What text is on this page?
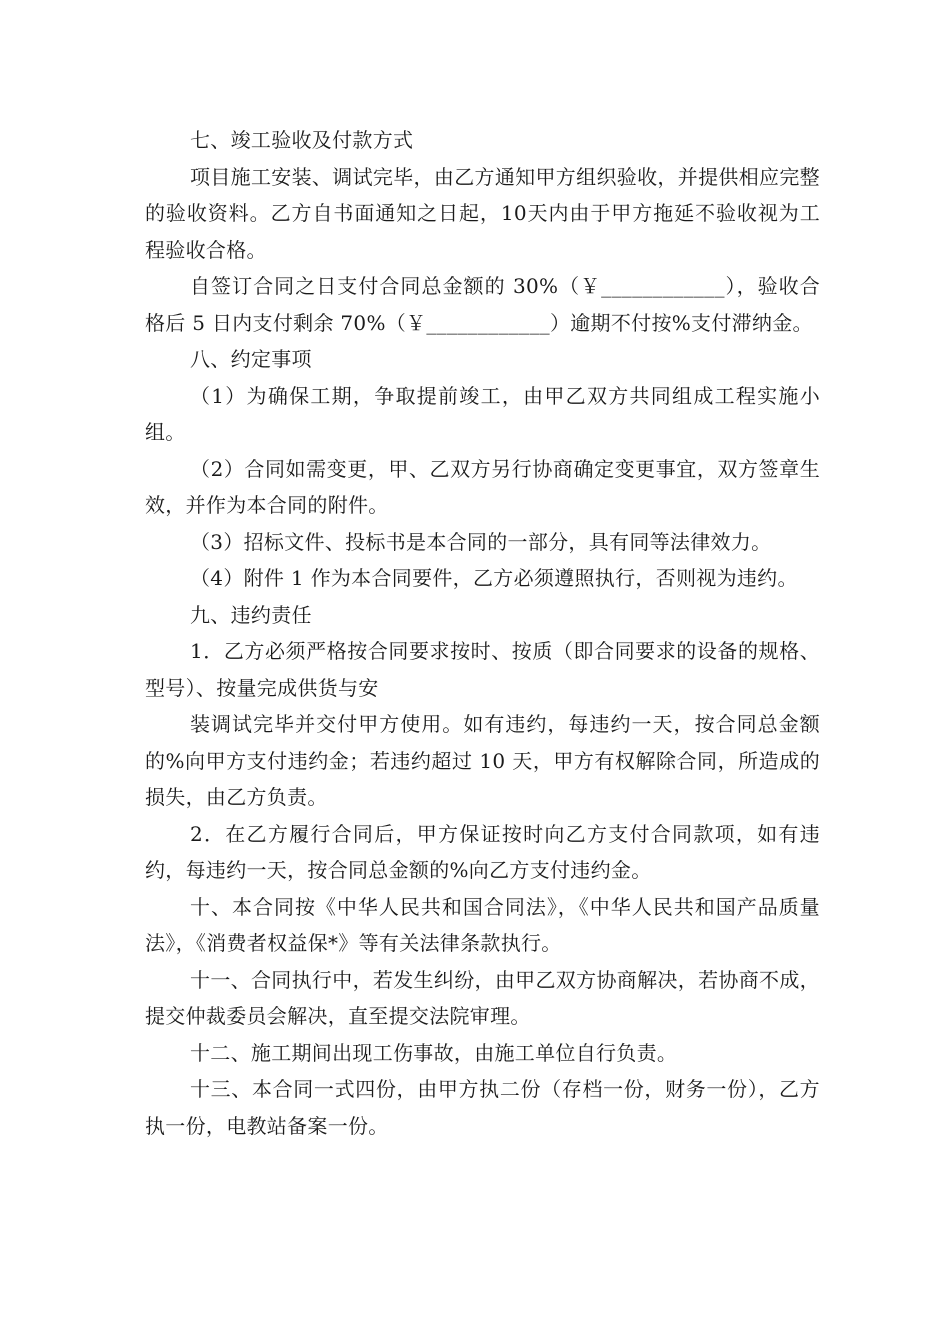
七、竣工验收及付款方式

项目施工安装、调试完毕，由乙方通知甲方组织验收，并提供相应完整的验收资料。乙方自书面通知之日起，10天内由于甲方拖延不验收视为工程验收合格。

自签订合同之日支付合同总金额的 30%（￥____________），验收合格后 5 日内支付剩余 70%（￥____________）逾期不付按%支付滞纳金。

八、约定事项

（1）为确保工期，争取提前竣工，由甲乙双方共同组成工程实施小组。

（2）合同如需变更，甲、乙双方另行协商确定变更事宜，双方签章生效，并作为本合同的附件。

（3）招标文件、投标书是本合同的一部分，具有同等法律效力。

（4）附件 1 作为本合同要件，乙方必须遵照执行，否则视为违约。

九、违约责任

1．乙方必须严格按合同要求按时、按质（即合同要求的设备的规格、型号）、按量完成供货与安

装调试完毕并交付甲方使用。如有违约，每违约一天，按合同总金额的%向甲方支付违约金；若违约超过 10 天，甲方有权解除合同，所造成的损失，由乙方负责。

2．在乙方履行合同后，甲方保证按时向乙方支付合同款项，如有违约，每违约一天，按合同总金额的%向乙方支付违约金。

十、本合同按《中华人民共和国合同法》，《中华人民共和国产品质量法》，《消费者权益保*》等有关法律条款执行。

十一、合同执行中，若发生纠纷，由甲乙双方协商解决，若协商不成，提交仲裁委员会解决，直至提交法院审理。

十二、施工期间出现工伤事故，由施工单位自行负责。

十三、本合同一式四份，由甲方执二份（存档一份，财务一份），乙方执一份，电教站备案一份。
